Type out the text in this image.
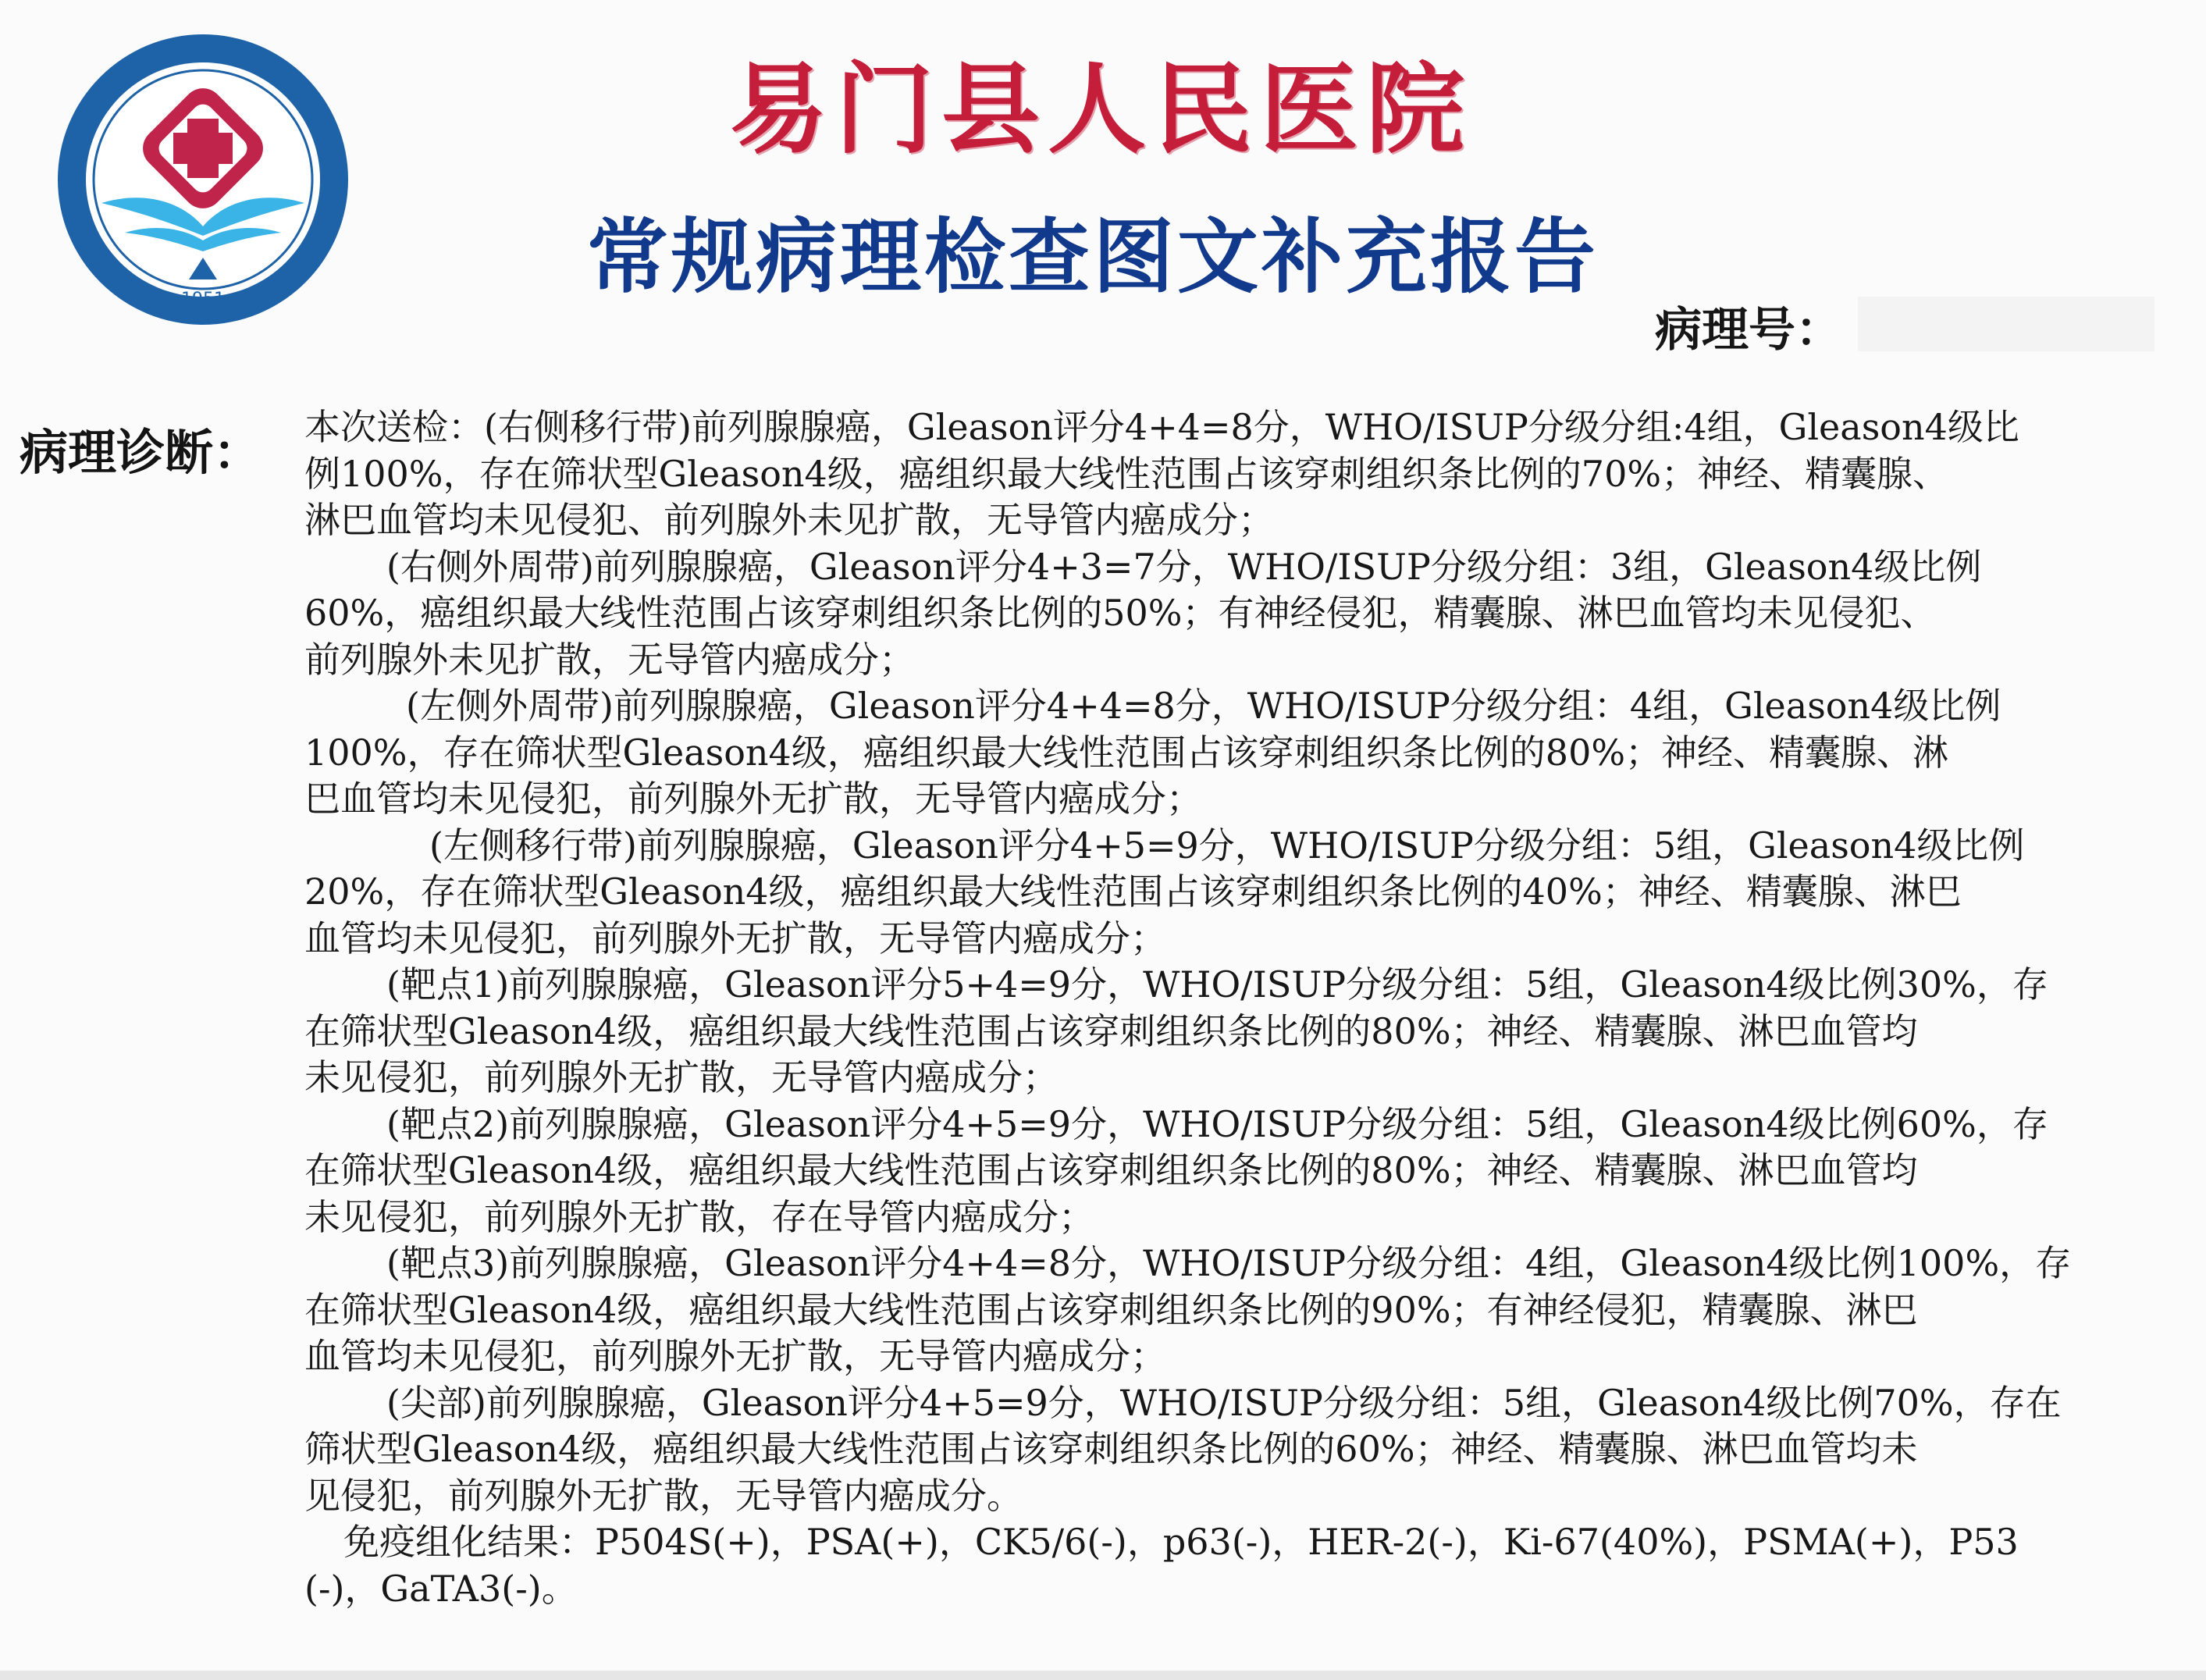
1951
易门县人民医院
常规病理检查图文补充报告
病理号：
病理诊断： 本次送检：(右侧移行带)前列腺腺癌，Gleason评分4+4=8分，WHO/ISUP分级分组:4组，Gleason4级比
例100%，存在筛状型Gleason4级，癌组织最大线性范围占该穿刺组织条比例的70%；神经、精囊腺、
淋巴血管均未见侵犯、前列腺外未见扩散，无导管内癌成分；
(右侧外周带)前列腺腺癌，Gleason评分4+3=7分，WHO/ISUP分级分组：3组，Gleason4级比例
60%，癌组织最大线性范围占该穿刺组织条比例的50%；有神经侵犯，精囊腺、淋巴血管均未见侵犯、
前列腺外未见扩散，无导管内癌成分；
(左侧外周带)前列腺腺癌，Gleason评分4+4=8分，WHO/ISUP分级分组：4组，Gleason4级比例
100%，存在筛状型Gleason4级，癌组织最大线性范围占该穿刺组织条比例的80%；神经、精囊腺、淋
巴血管均未见侵犯，前列腺外无扩散，无导管内癌成分；
(左侧移行带)前列腺腺癌，Gleason评分4+5=9分，WHO/ISUP分级分组：5组，Gleason4级比例
20%，存在筛状型Gleason4级，癌组织最大线性范围占该穿刺组织条比例的40%；神经、精囊腺、淋巴
血管均未见侵犯，前列腺外无扩散，无导管内癌成分；
(靶点1)前列腺腺癌，Gleason评分5+4=9分，WHO/ISUP分级分组：5组，Gleason4级比例30%，存
在筛状型Gleason4级，癌组织最大线性范围占该穿刺组织条比例的80%；神经、精囊腺、淋巴血管均
未见侵犯，前列腺外无扩散，无导管内癌成分；
(靶点2)前列腺腺癌，Gleason评分4+5=9分，WHO/ISUP分级分组：5组，Gleason4级比例60%，存
在筛状型Gleason4级，癌组织最大线性范围占该穿刺组织条比例的80%；神经、精囊腺、淋巴血管均
未见侵犯，前列腺外无扩散，存在导管内癌成分；
(靶点3)前列腺腺癌，Gleason评分4+4=8分，WHO/ISUP分级分组：4组，Gleason4级比例100%，存
在筛状型Gleason4级，癌组织最大线性范围占该穿刺组织条比例的90%；有神经侵犯，精囊腺、淋巴
血管均未见侵犯，前列腺外无扩散，无导管内癌成分；
(尖部)前列腺腺癌，Gleason评分4+5=9分，WHO/ISUP分级分组：5组，Gleason4级比例70%，存在
筛状型Gleason4级，癌组织最大线性范围占该穿刺组织条比例的60%；神经、精囊腺、淋巴血管均未
见侵犯，前列腺外无扩散，无导管内癌成分。
免疫组化结果：P504S(+)，PSA(+)，CK5/6(-)，p63(-)，HER-2(-)，Ki-67(40%)，PSMA(+)，P53
(-)，GaTA3(-)。
